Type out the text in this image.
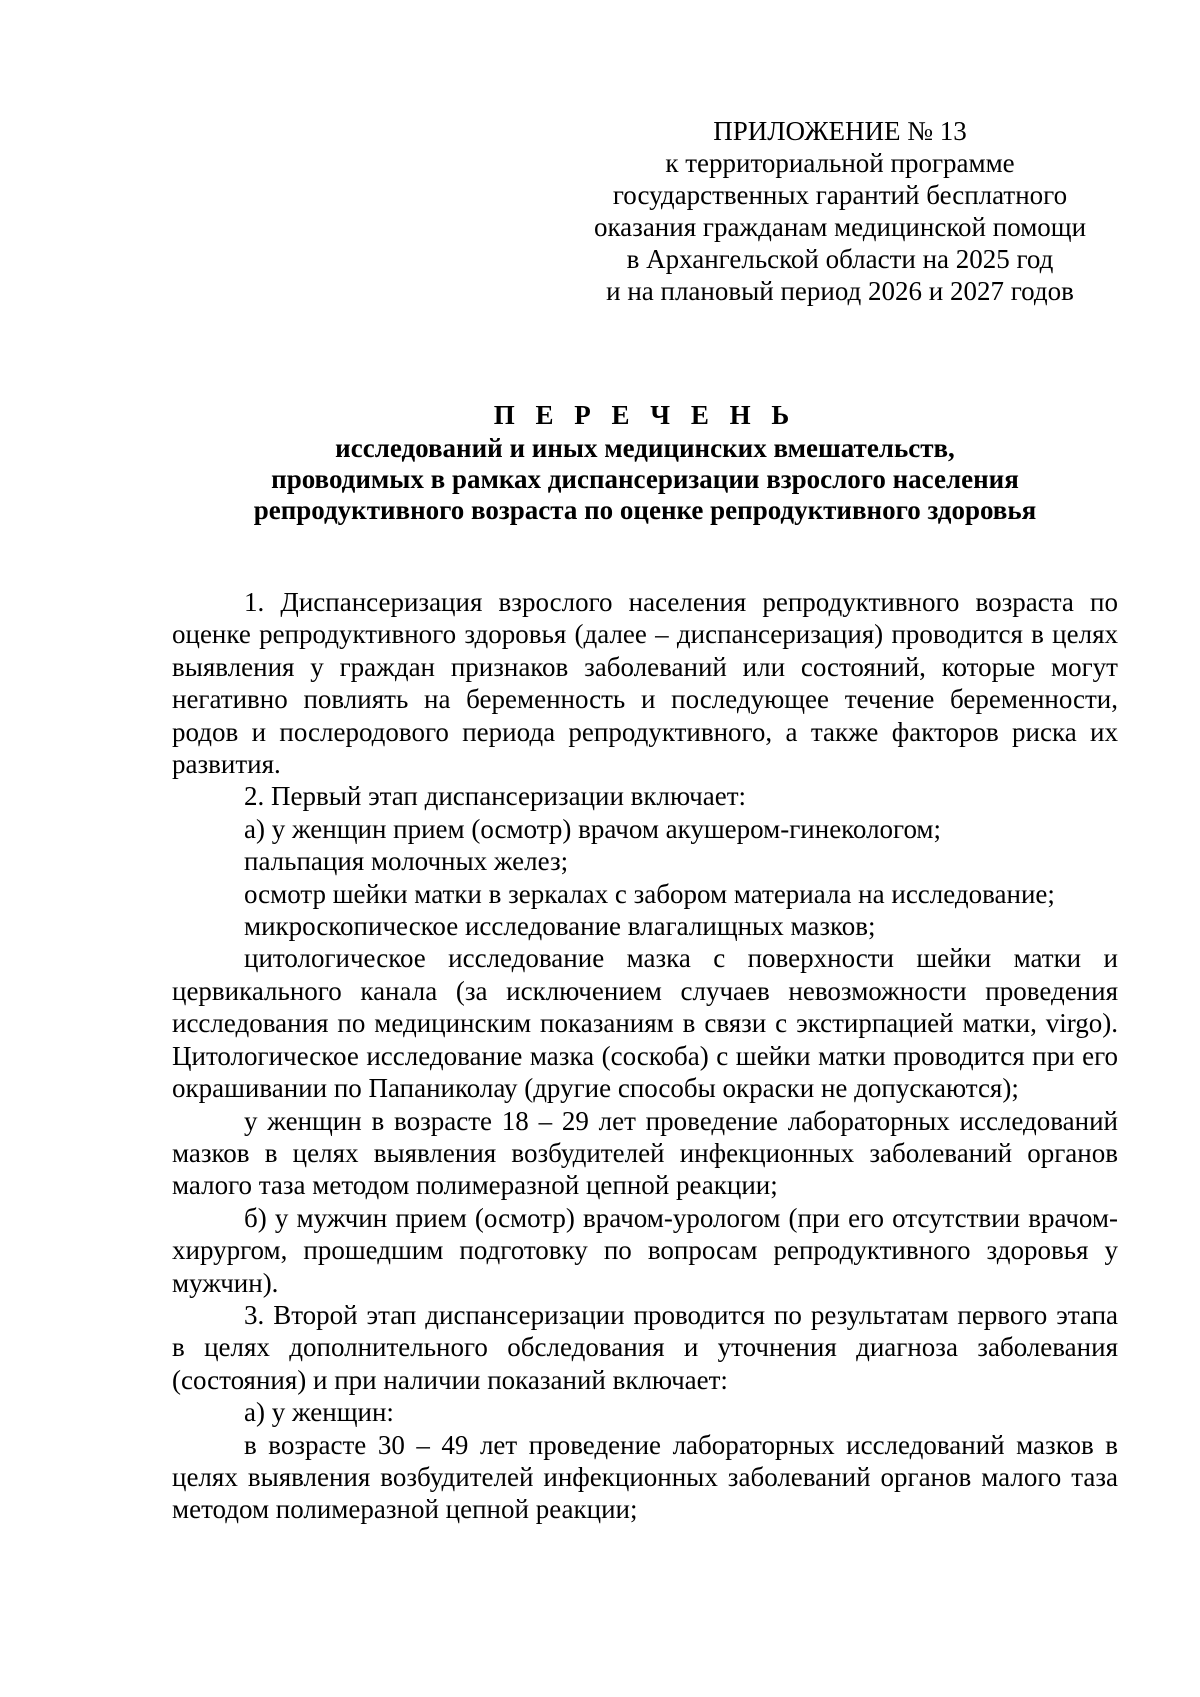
ПРИЛОЖЕНИЕ № 13
к территориальной программе
государственных гарантий бесплатного
оказания гражданам медицинской помощи
в Архангельской области на 2025 год
и на плановый период 2026 и 2027 годов
П Е Р Е Ч Е Н Ь
исследований и иных медицинских вмешательств,
проводимых в рамках диспансеризации взрослого населения
репродуктивного возраста по оценке репродуктивного здоровья

1. Диспансеризация взрослого населения репродуктивного возраста по оценке репродуктивного здоровья (далее – диспансеризация) проводится в целях выявления у граждан признаков заболеваний или состояний, которые могут негативно повлиять на беременность и последующее течение беременности, родов и послеродового периода репродуктивного, а также факторов риска их развития.

2. Первый этап диспансеризации включает:

а) у женщин прием (осмотр) врачом акушером-гинекологом;

пальпация молочных желез;

осмотр шейки матки в зеркалах с забором материала на исследование;

микроскопическое исследование влагалищных мазков;

цитологическое исследование мазка с поверхности шейки матки и цервикального канала (за исключением случаев невозможности проведения исследования по медицинским показаниям в связи с экстирпацией матки, virgo). Цитологическое исследование мазка (соскоба) с шейки матки проводится при его окрашивании по Папаниколау (другие способы окраски не допускаются);

у женщин в возрасте 18 – 29 лет проведение лабораторных исследований мазков в целях выявления возбудителей инфекционных заболеваний органов малого таза методом полимеразной цепной реакции;

б) у мужчин прием (осмотр) врачом-урологом (при его отсутствии врачом-хирургом, прошедшим подготовку по вопросам репродуктивного здоровья у мужчин).

3. Второй этап диспансеризации проводится по результатам первого этапа в целях дополнительного обследования и уточнения диагноза заболевания (состояния) и при наличии показаний включает:

а) у женщин:

в возрасте 30 – 49 лет проведение лабораторных исследований мазков в целях выявления возбудителей инфекционных заболеваний органов малого таза методом полимеразной цепной реакции;
